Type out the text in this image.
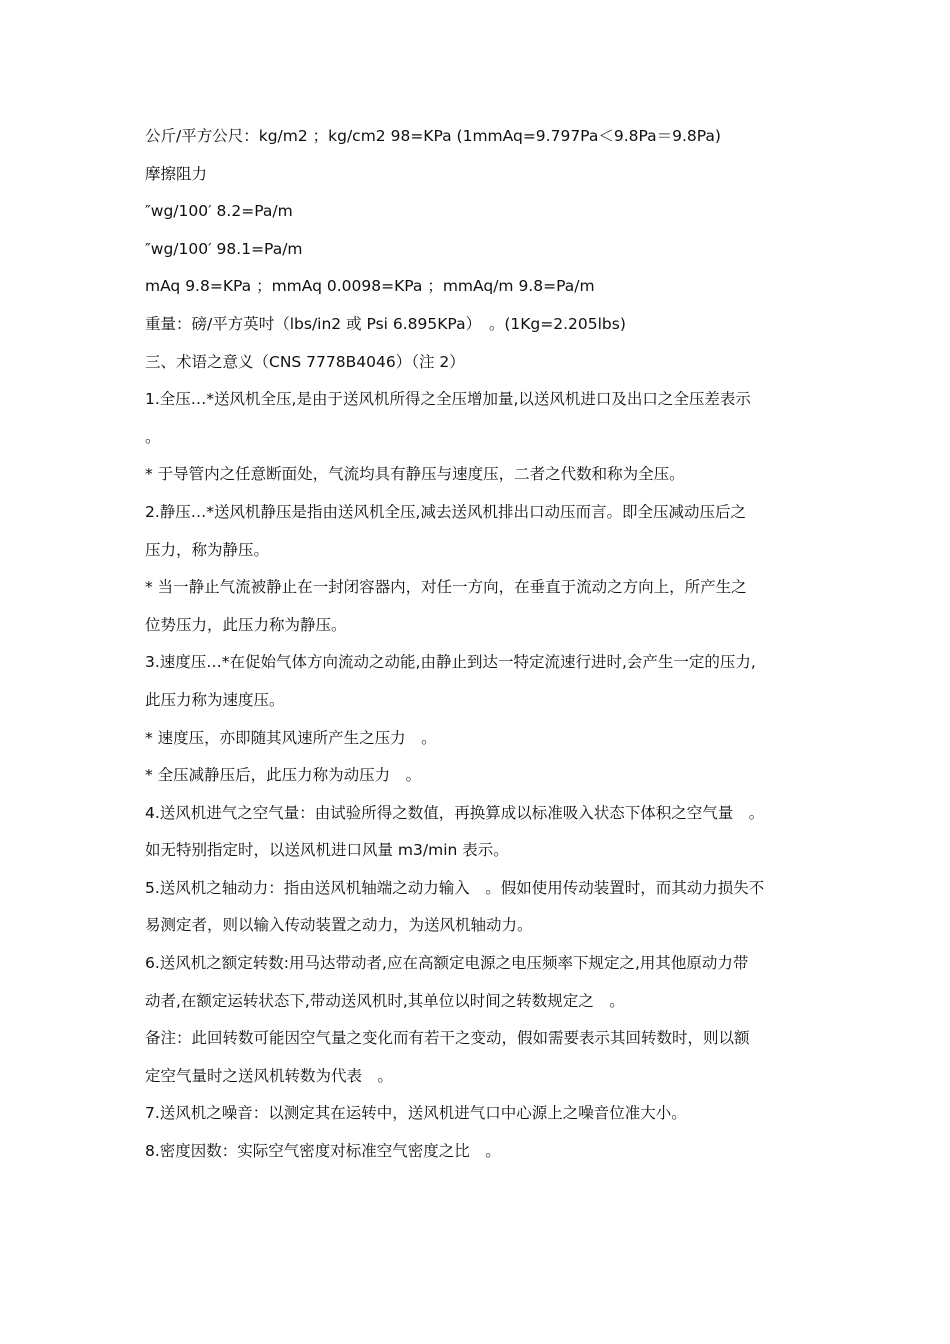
公斤/平方公尺：kg/m2 ；kg/cm2 98=KPa (1mmAq=9.797Pa＜9.8Pa＝9.8Pa)
摩擦阻力
″wg/100′ 8.2=Pa/m
″wg/100′ 98.1=Pa/m
mAq 9.8=KPa ；mmAq 0.0098=KPa ；mmAq/m 9.8=Pa/m
重量：磅/平方英吋（lbs/in2 或 Psi 6.895KPa）　。(1Kg=2.205lbs)
三、术语之意义（CNS 7778B4046）（注 2）
1.全压…*送风机全压,是由于送风机所得之全压增加量,以送风机进口及出口之全压差表示
。
* 于导管内之任意断面处，气流均具有静压与速度压，二者之代数和称为全压。
2.静压…*送风机静压是指由送风机全压,减去送风机排出口动压而言。即全压减动压后之
压力，称为静压。
* 当一静止气流被静止在一封闭容器内，对任一方向，在垂直于流动之方向上，所产生之
位势压力，此压力称为静压。
3.速度压…*在促始气体方向流动之动能,由静止到达一特定流速行进时,会产生一定的压力,
此压力称为速度压。
* 速度压，亦即随其风速所产生之压力　。
* 全压减静压后，此压力称为动压力　。
4.送风机进气之空气量：由试验所得之数值，再换算成以标准吸入状态下体积之空气量　。
如无特别指定时，以送风机进口风量 m3/min 表示。
5.送风机之轴动力：指由送风机轴端之动力输入　。假如使用传动装置时，而其动力损失不
易测定者，则以输入传动装置之动力，为送风机轴动力。
6.送风机之额定转数:用马达带动者,应在高额定电源之电压频率下规定之,用其他原动力带
动者,在额定运转状态下,带动送风机时,其单位以时间之转数规定之　。
备注：此回转数可能因空气量之变化而有若干之变动，假如需要表示其回转数时，则以额
定空气量时之送风机转数为代表　。
7.送风机之噪音：以测定其在运转中，送风机进气口中心源上之噪音位准大小。
8.密度因数：实际空气密度对标准空气密度之比　。
